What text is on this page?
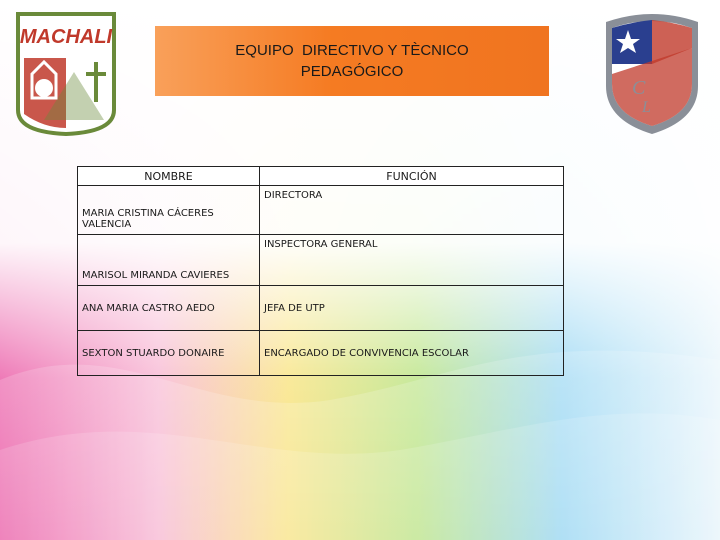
MACHALI
C
L
EQUIPO  DIRECTIVO Y TÈCNICO
PEDAGÓGICO
NOMBRE	FUNCIÓN
MARIA CRISTINA CÁCERES VALENCIA	DIRECTORA
MARISOL MIRANDA CAVIERES	INSPECTORA GENERAL
ANA MARIA CASTRO AEDO	JEFA DE UTP
SEXTON STUARDO DONAIRE	ENCARGADO DE CONVIVENCIA ESCOLAR
